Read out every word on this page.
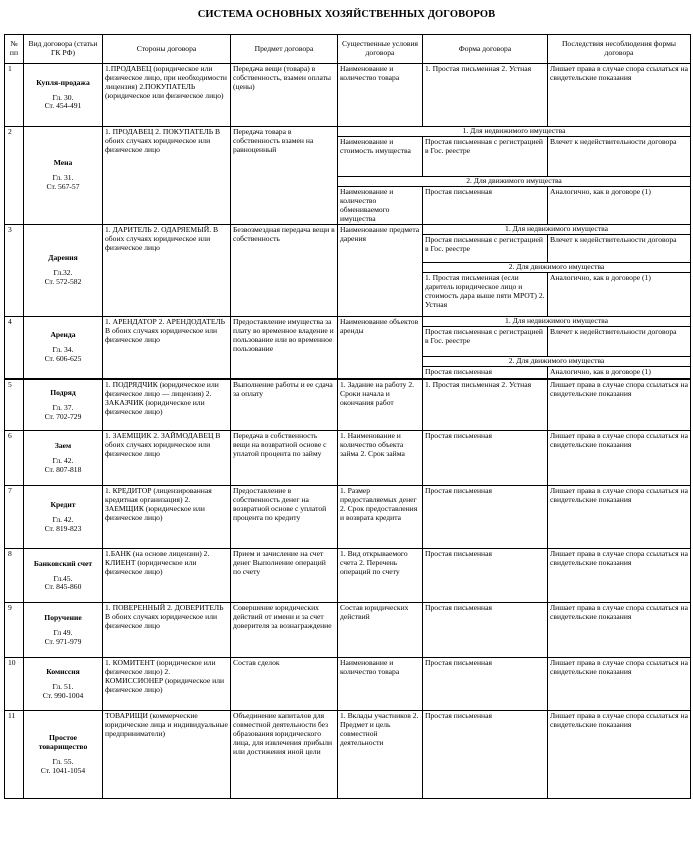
СИСТЕМА ОСНОВНЫХ ХОЗЯЙСТВЕННЫХ ДОГОВОРОВ
№ пп	Вид договора (статьи ГК РФ)	Стороны договора	Предмет договора	Существенные условия договора	Форма договора	Последствия несоблюдения формы договора
1	Купля-продажа
Гл. 30.
Ст. 454-491	1.ПРОДАВЕЦ (юридическое или физическое лицо, при необходимости лицензия) 2.ПОКУПАТЕЛЬ (юридическое или физическое лицо)	Передача вещи (товара) в собственность, взамен оплаты (цены)	Наименование и количество товара	1. Простая письменная 2. Устная	Лишает права в случае спора ссылаться на свидетельские показания
2	Мена
Гл. 31.
Ст. 567-57	1. ПРОДАВЕЦ 2. ПОКУПАТЕЛЬ В обоих случаях юридическое или физическое лицо	Передача товара в собственность взамен на равноценный	1. Для недвижимого имущества		
				Наименование и стоимость имущества	Простая письменная с регистрацией в Гос. реестре	Влечет к недействительности договора
				2. Для движимого имущества		
				Наименование и количество обмениваемого имущества	Простая письменная	Аналогично, как в договоре (1)
3	Дарения
Гл.32.
Ст. 572-582	1. ДАРИТЕЛЬ 2. ОДАРЯЕМЫЙ. В обоих случаях юридическое или физическое лицо	Безвозмездная передача вещи в собственность	Наименование предмета дарения	1. Для недвижимого имущества	
					Простая письменная с регистрацией в Гос. реестре	Влечет к недействительности договора
					2. Для движимого имущества	
					1. Простая письменная (если даритель юридическое лицо и стоимость дара выше пяти МРОТ) 2. Устная	Аналогично, как в договоре (1)
4	Аренда
Гл. 34.
Ст. 606-625	1. АРЕНДАТОР 2. АРЕНДОДАТЕЛЬ В обоих случаях юридическое или физическое лицо	Предоставление имущества за плату во временное владение и пользование или во временное пользование	Наименование объектов аренды	1. Для недвижимого имущества	
					Простая письменная с регистрацией в Гос. реестре	Влечет к недействительности договора
					2. Для движимого имущества	
					Простая письменная	Аналогично, как в договоре (1)
5	Подряд
Гл. 37.
Ст. 702-729	1. ПОДРЯДЧИК (юридическое или физическое лицо — лицензия) 2. ЗАКАЗЧИК (юридическое или физическое лицо)	Выполнение работы и ее сдача за оплату	1. Задание на работу 2. Сроки начала и окончания работ	1. Простая письменная 2. Устная	Лишает права в случае спора ссылаться на свидетельские показания
6	Заем
Гл. 42.
Ст. 807-818	1. ЗАЕМЩИК 2. ЗАЙМОДАВЕЦ В обоих случаях юридическое или физическое лицо	Передача в собственность вещи на возвратной основе с уплатой процента по займу	1. Наименование и количество объекта займа 2. Срок займа	Простая письменная	Лишает права в случае спора ссылаться на свидетельские показания
7	Кредит
Гл. 42.
Ст. 819-823	1. КРЕДИТОР (лицензированная кредитная организация) 2. ЗАЕМЩИК (юридическое или физическое лицо)	Предоставление в собственность денег на возвратной основе с уплатой процента по кредиту	1. Размер предоставляемых денег 2. Срок предоставления и возврата кредита	Простая письменная	Лишает права в случае спора ссылаться на свидетельские показания
8	Банковский счет
Гл.45.
Ст. 845-860	1.БАНК (на основе лицензии) 2. КЛИЕНТ (юридическое или физическое лицо)	Прием и зачисление на счет денег Выполнение операций по счету	1. Вид открываемого счета 2. Перечень операций по счету	Простая письменная	Лишает права в случае спора ссылаться на свидетельские показания
9	Поручение
Гл 49.
Ст. 971-979	1. ПОВЕРЕННЫЙ 2. ДОВЕРИТЕЛЬ В обоих случаях юридическое или физическое лицо	Совершение юридических действий от имени и за счет доверителя за вознаграждение	Состав юридических действий	Простая письменная	Лишает права в случае спора ссылаться на свидетельские показания
10	Комиссия
Гл. 51.
Ст. 990-1004	1. КОМИТЕНТ (юридическое или физическое лицо) 2. КОМИССИОНЕР (юридическое или физическое лицо)	Состав сделок	Наименование и количество товара	Простая письменная	Лишает права в случае спора ссылаться на свидетельские показания
11	Простое товарищество
Гл. 55.
Ст. 1041-1054	ТОВАРИЩИ (коммерческие юридические лица и индивидуальные предприниматели)	Объединение капиталов для совместной деятельности без образования юридического лица, для извлечения прибыли или достижения иной цели	1. Вклады участников 2. Предмет и цель совместной деятельности	Простая письменная	Лишает права в случае спора ссылаться на свидетельские показания
